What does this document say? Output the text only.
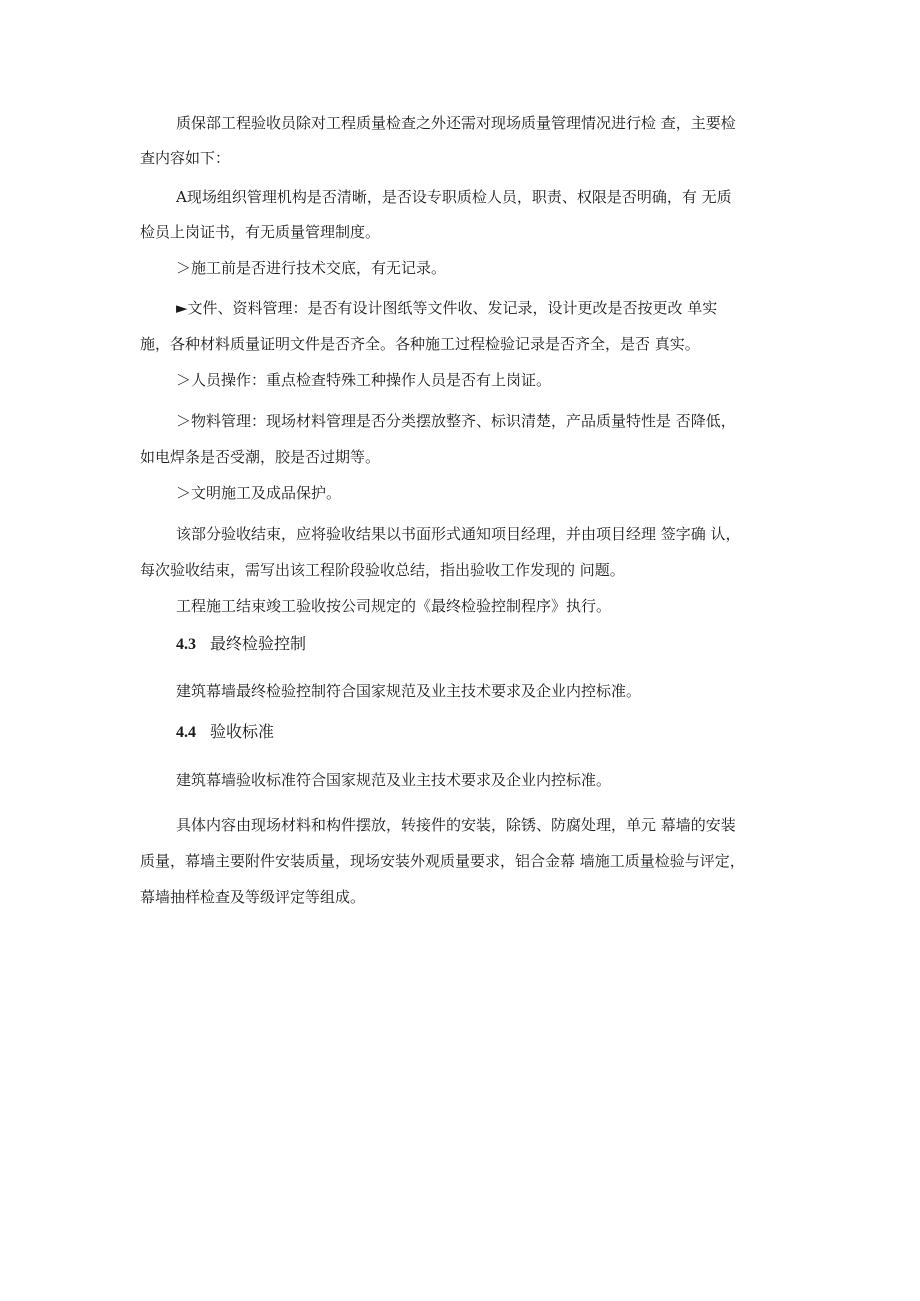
质保部工程验收员除对工程质量检查之外还需对现场质量管理情况进行检 查，主要检
查内容如下：
A现场组织管理机构是否清晰，是否设专职质检人员，职责、权限是否明确，有 无质
检员上岗证书，有无质量管理制度。
＞施工前是否进行技术交底，有无记录。
►文件、资料管理：是否有设计图纸等文件收、发记录，设计更改是否按更改 单实
施，各种材料质量证明文件是否齐全。各种施工过程检验记录是否齐全，是否 真实。
＞人员操作：重点检查特殊工种操作人员是否有上岗证。
＞物料管理：现场材料管理是否分类摆放整齐、标识清楚，产品质量特性是 否降低，
如电焊条是否受潮，胶是否过期等。
＞文明施工及成品保护。
该部分验收结束，应将验收结果以书面形式通知项目经理，并由项目经理 签字确 认，
每次验收结束，需写出该工程阶段验收总结，指出验收工作发现的 问题。
工程施工结束竣工验收按公司规定的《最终检验控制程序》执行。
4.3 最终检验控制
建筑幕墙最终检验控制符合国家规范及业主技术要求及企业内控标准。
4.4 验收标准
建筑幕墙验收标准符合国家规范及业主技术要求及企业内控标准。
具体内容由现场材料和构件摆放，转接件的安装，除锈、防腐处理，单元 幕墙的安装
质量，幕墙主要附件安装质量，现场安装外观质量要求，铝合金幕 墙施工质量检验与评定，
幕墙抽样检查及等级评定等组成。
